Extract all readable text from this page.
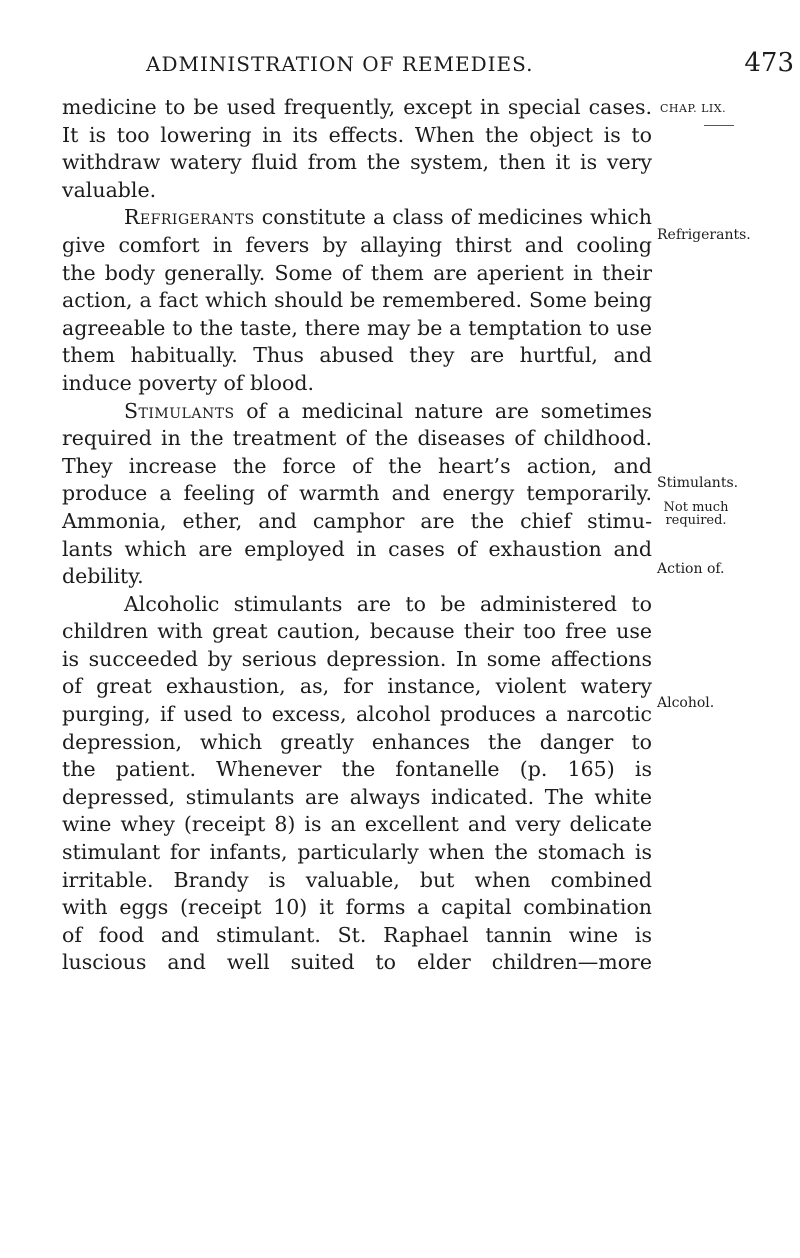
ADMINISTRATION OF REMEDIES.	473
CHAP. LIX.
Refrigerants.
Stimulants.
Not much
required.
Action of.
Alcohol.

medicine to be used frequently, except in special cases.

It is too lowering in its effects. When the object is to

withdraw watery fluid from the system, then it is very

valuable.

Refrigerants constitute a class of medicines which

give comfort in fevers by allaying thirst and cooling

the body generally. Some of them are aperient in their

action, a fact which should be remembered. Some being

agreeable to the taste, there may be a temptation to use

them habitually. Thus abused they are hurtful, and

induce poverty of blood.

Stimulants of a medicinal nature are sometimes

required in the treatment of the diseases of childhood.

They increase the force of the heart’s action, and

produce a feeling of warmth and energy temporarily.

Ammonia, ether, and camphor are the chief stimu-

lants which are employed in cases of exhaustion and

debility.

Alcoholic stimulants are to be administered to

children with great caution, because their too free use

is succeeded by serious depression. In some affections

of great exhaustion, as, for instance, violent watery

purging, if used to excess, alcohol produces a narcotic

depression, which greatly enhances the danger to

the patient. Whenever the fontanelle (p. 165) is

depressed, stimulants are always indicated. The white

wine whey (receipt 8) is an excellent and very delicate

stimulant for infants, particularly when the stomach is

irritable. Brandy is valuable, but when combined

with eggs (receipt 10) it forms a capital combination

of food and stimulant. St. Raphael tannin wine is

luscious and well suited to elder children—more
